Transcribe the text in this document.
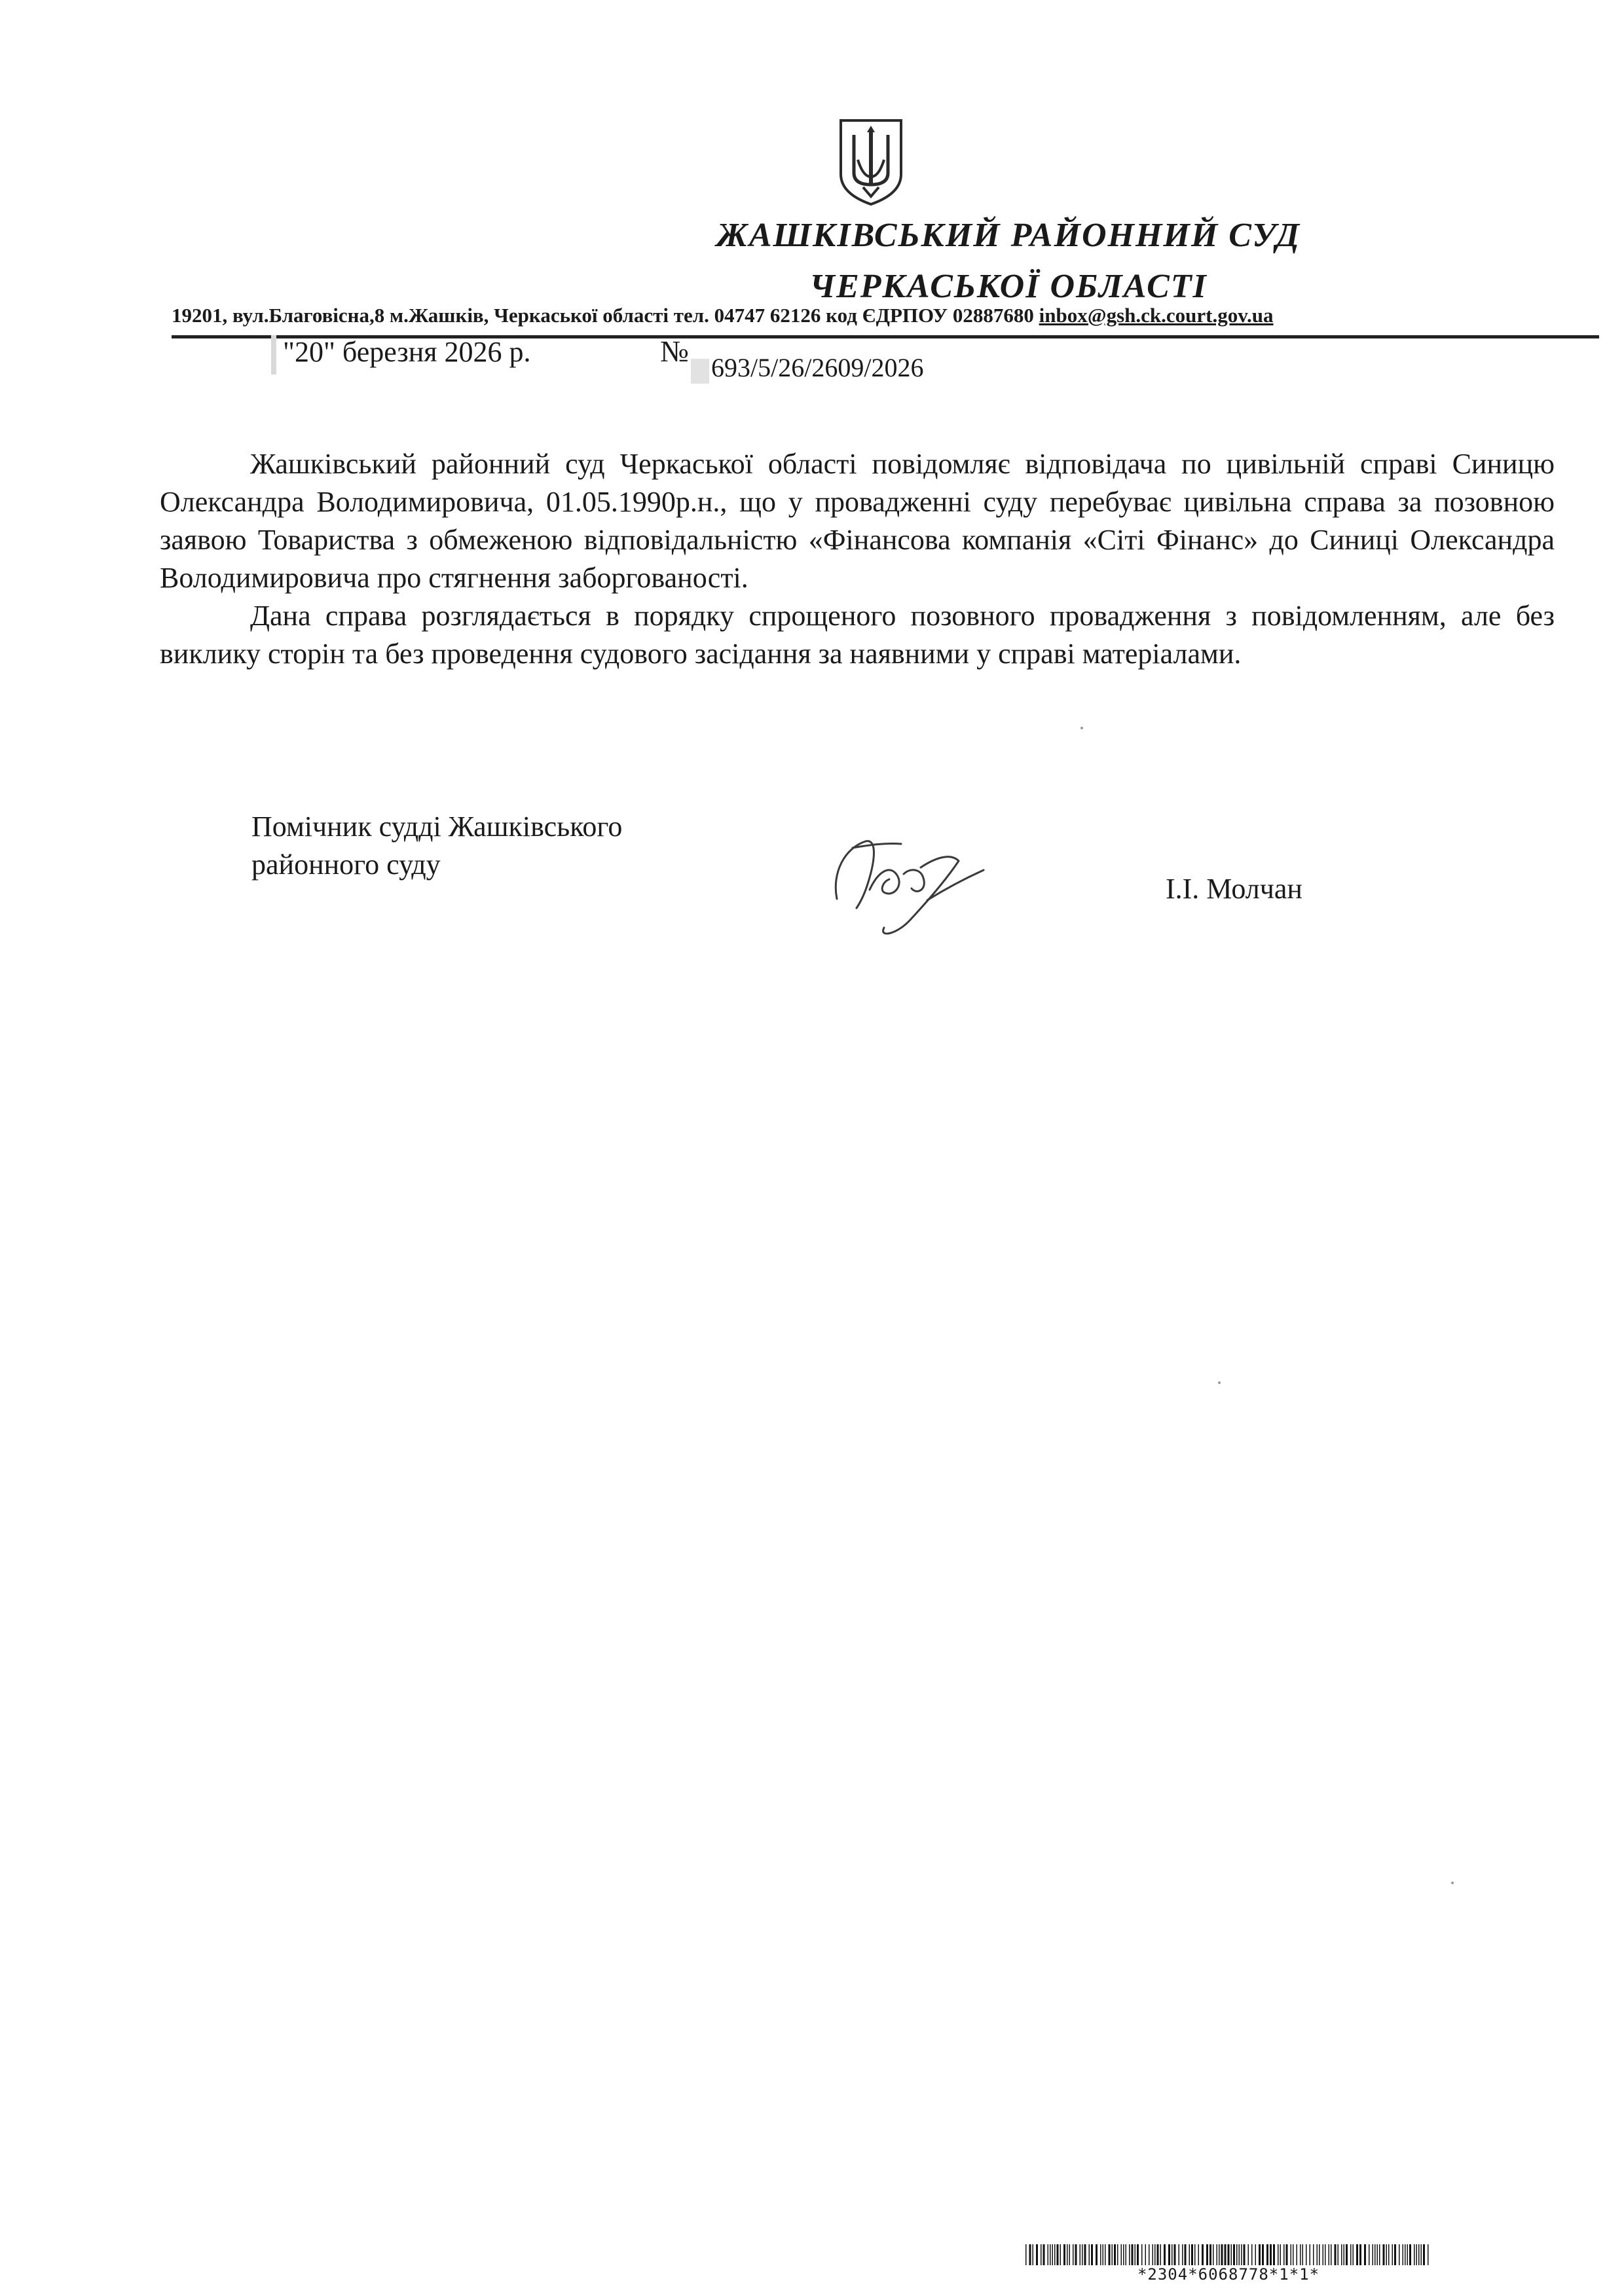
ЖАШКІВСЬКИЙ РАЙОННИЙ СУД
ЧЕРКАСЬКОЇ ОБЛАСТІ
19201, вул.Благовісна,8 м.Жашків, Черкаської області тел. 04747 62126 код ЄДРПОУ 02887680 inbox@gsh.ck.court.gov.ua
"20" березня 2026 р.	№ 693/5/26/2609/2026

Жашківський районний суд Черкаської області повідомляє відповідача по цивільній справі Синицю Олександра Володимировича, 01.05.1990р.н., що у провадженні суду перебуває цивільна справа за позовною заявою Товариства з обмеженою відповідальністю «Фінансова компанія «Сіті Фінанс» до Синиці Олександра Володимировича про стягнення заборгованості.

Дана справа розглядається в порядку спрощеного позовного провадження з повідомленням, але без виклику сторін та без проведення судового засідання за наявними у справі матеріалами.

Помічник судді Жашківського
районного суду
І.І. Молчан
*2304*6068778*1*1*
